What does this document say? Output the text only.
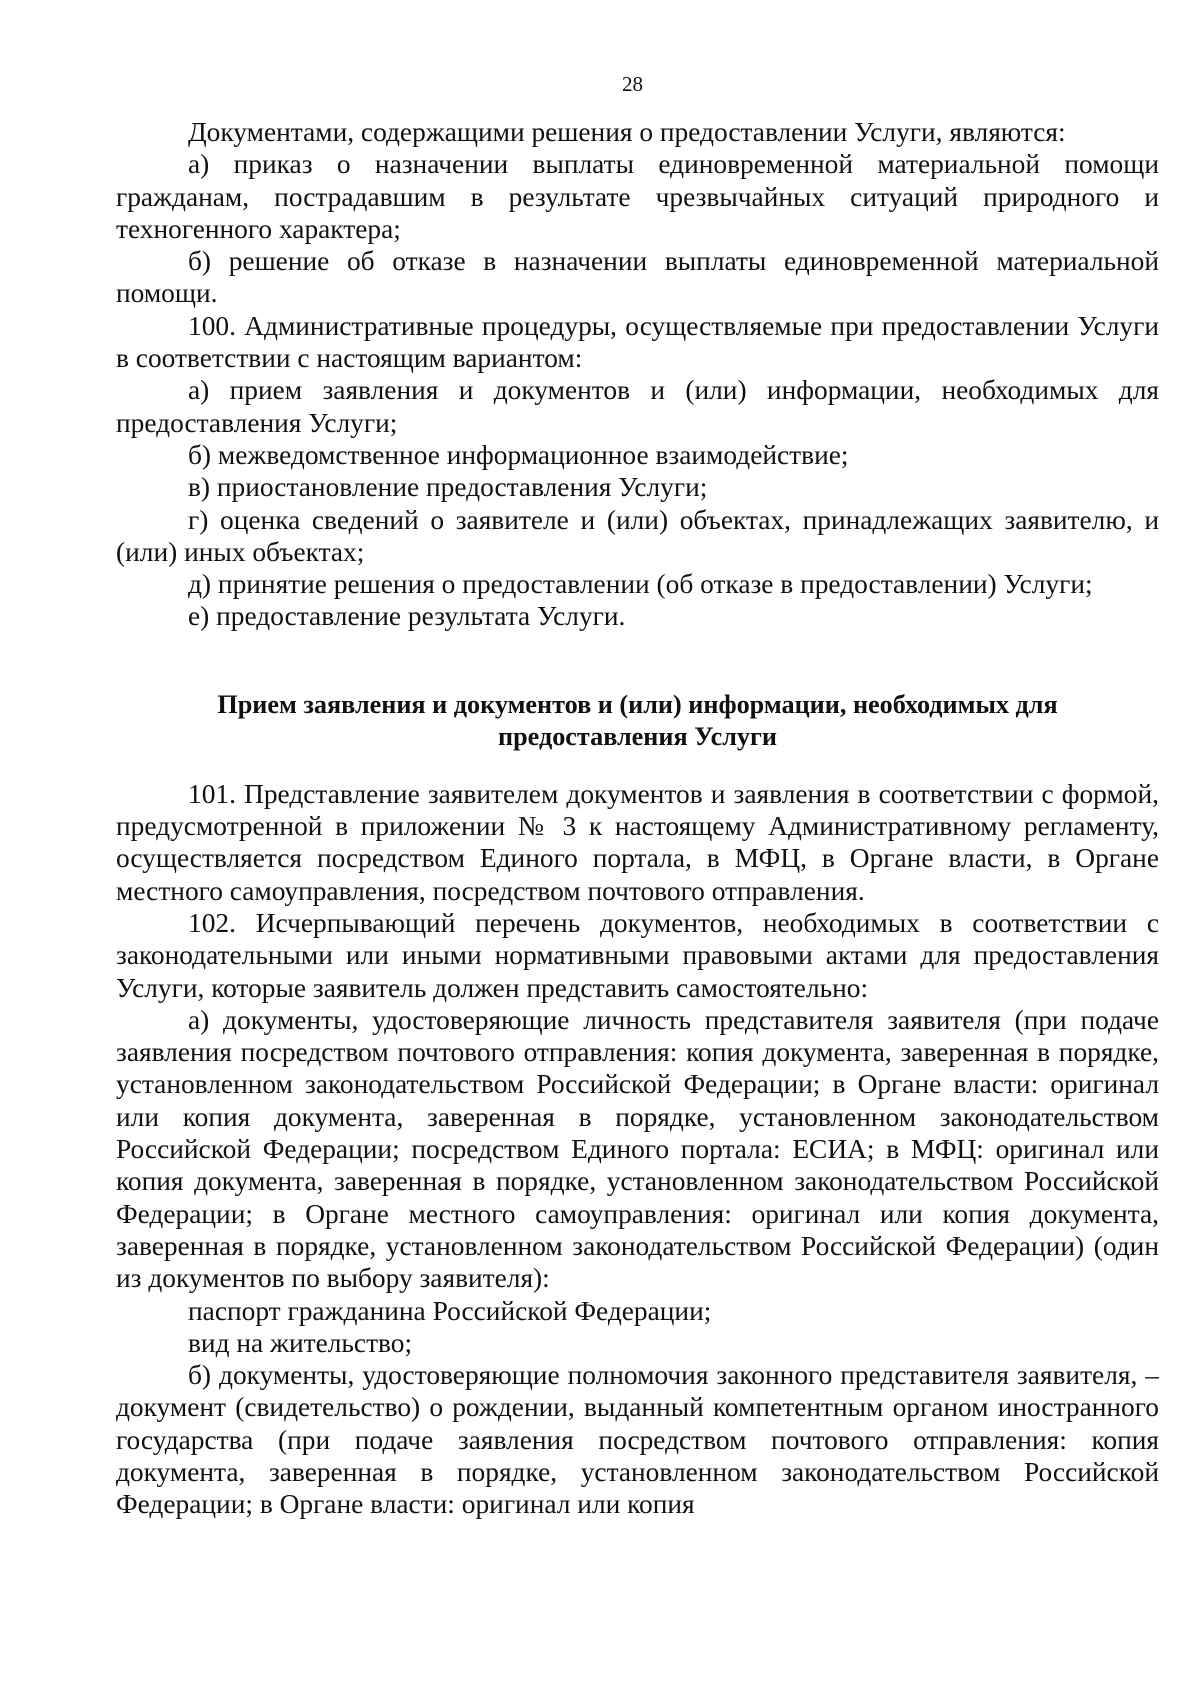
28

Документами, содержащими решения о предоставлении Услуги, являются:

а) приказ о назначении выплаты единовременной материальной помощи гражданам, пострадавшим в результате чрезвычайных ситуаций природного и техногенного характера;

б) решение об отказе в назначении выплаты единовременной материальной помощи.

100. Административные процедуры, осуществляемые при предоставлении Услуги в соответствии с настоящим вариантом:

а) прием заявления и документов и (или) информации, необходимых для предоставления Услуги;

б) межведомственное информационное взаимодействие;

в) приостановление предоставления Услуги;

г) оценка сведений о заявителе и (или) объектах, принадлежащих заявителю, и (или) иных объектах;

д) принятие решения о предоставлении (об отказе в предоставлении) Услуги;

е) предоставление результата Услуги.

Прием заявления и документов и (или) информации, необходимых для
предоставления Услуги

101. Представление заявителем документов и заявления в соответствии с формой, предусмотренной в приложении № 3 к настоящему Административному регламенту, осуществляется посредством Единого портала, в МФЦ, в Органе власти, в Органе местного самоуправления, посредством почтового отправления.

102. Исчерпывающий перечень документов, необходимых в соответствии с законодательными или иными нормативными правовыми актами для предоставления Услуги, которые заявитель должен представить самостоятельно:

а) документы, удостоверяющие личность представителя заявителя (при подаче заявления посредством почтового отправления: копия документа, заверенная в порядке, установленном законодательством Российской Федерации; в Органе власти: оригинал или копия документа, заверенная в порядке, установленном законодательством Российской Федерации; посредством Единого портала: ЕСИА; в МФЦ: оригинал или копия документа, заверенная в порядке, установленном законодательством Российской Федерации; в Органе местного самоуправления: оригинал или копия документа, заверенная в порядке, установленном законодательством Российской Федерации) (один из документов по выбору заявителя):

паспорт гражданина Российской Федерации;

вид на жительство;

б) документы, удостоверяющие полномочия законного представителя заявителя, – документ (свидетельство) о рождении, выданный компетентным органом иностранного государства (при подаче заявления посредством почтового отправления: копия документа, заверенная в порядке, установленном законодательством Российской Федерации; в Органе власти: оригинал или копия
